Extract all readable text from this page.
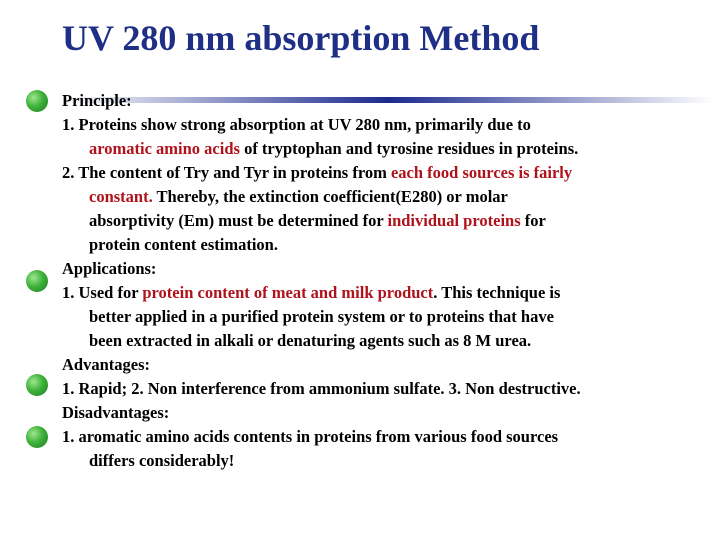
UV 280 nm absorption Method
Principle:
1. Proteins show strong absorption at UV 280 nm, primarily due to
aromatic amino acids of tryptophan and tyrosine residues in proteins.
2. The content of Try and Tyr in proteins from each food sources is fairly
constant. Thereby, the extinction coefficient(E280) or molar
absorptivity (Em) must be determined for individual proteins for
protein content estimation.
Applications:
1. Used for protein content of meat and milk product. This technique is
better applied in a purified protein system or to proteins that have
been extracted in alkali or denaturing agents such as 8 M urea.
Advantages:
1. Rapid; 2. Non interference from ammonium sulfate. 3. Non destructive.
Disadvantages:
1. aromatic amino acids contents in proteins from various food sources
differs considerably!
